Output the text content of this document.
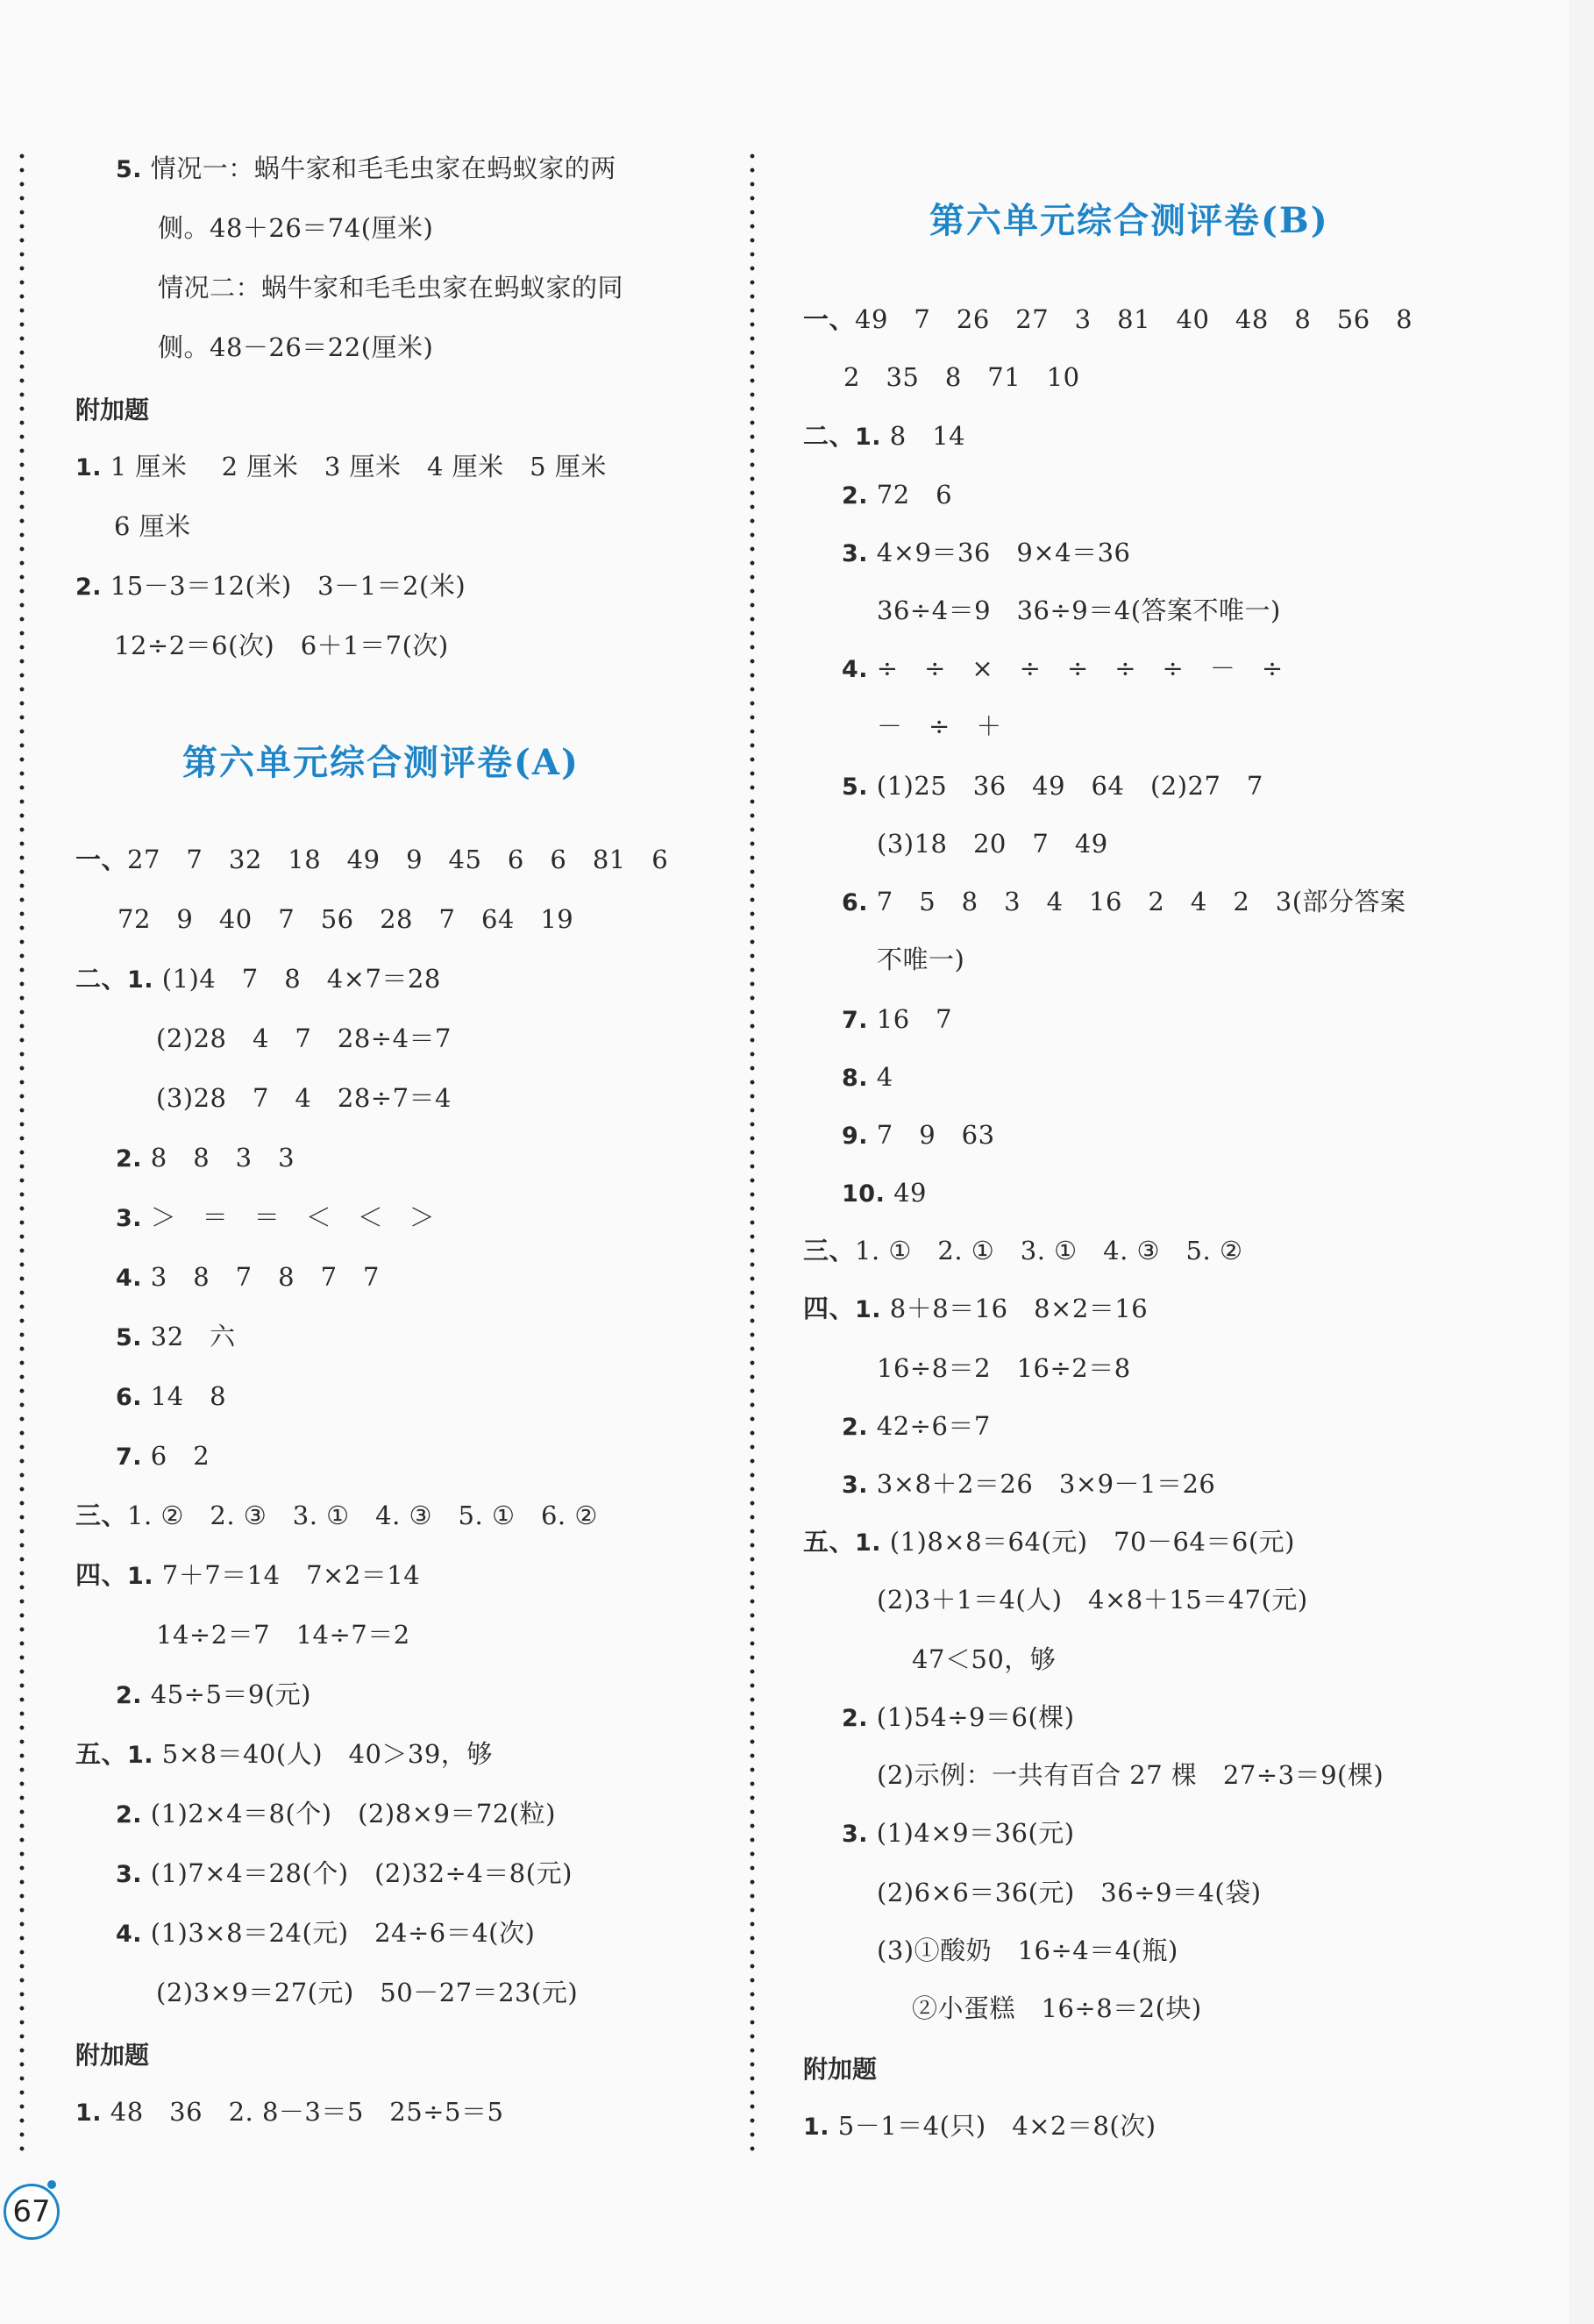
5. 情况一：蜗牛家和毛毛虫家在蚂蚁家的两
侧。48＋26＝74(厘米)
情况二：蜗牛家和毛毛虫家在蚂蚁家的同
侧。48－26＝22(厘米)
附加题
1. 1 厘米　 2 厘米　3 厘米　4 厘米　5 厘米
6 厘米
2. 15－3＝12(米)　3－1＝2(米)
12÷2＝6(次)　6＋1＝7(次)
第六单元综合测评卷(A)
一、27　7　32　18　49　9　45　6　6　81　6
72　9　40　7　56　28　7　64　19
二、1. (1)4　7　8　4×7＝28
(2)28　4　7　28÷4＝7
(3)28　7　4　28÷7＝4
2. 8　8　3　3
3. ＞　＝　＝　＜　＜　＞
4. 3　8　7　8　7　7
5. 32　六
6. 14　8
7. 6　2
三、1. ②　2. ③　3. ①　4. ③　5. ①　6. ②
四、1. 7＋7＝14　7×2＝14
14÷2＝7　14÷7＝2
2. 45÷5＝9(元)
五、1. 5×8＝40(人)　40＞39，够
2. (1)2×4＝8(个)　(2)8×9＝72(粒)
3. (1)7×4＝28(个)　(2)32÷4＝8(元)
4. (1)3×8＝24(元)　24÷6＝4(次)
(2)3×9＝27(元)　50－27＝23(元)
附加题
1. 48　36　2. 8－3＝5　25÷5＝5
第六单元综合测评卷(B)
一、49　7　26　27　3　81　40　48　8　56　8
2　35　8　71　10
二、1. 8　14
2. 72　6
3. 4×9＝36　9×4＝36
36÷4＝9　36÷9＝4(答案不唯一)
4. ÷　÷　×　÷　÷　÷　÷　－　÷
－　÷　＋
5. (1)25　36　49　64　(2)27　7
(3)18　20　7　49
6. 7　5　8　3　4　16　2　4　2　3(部分答案
不唯一)
7. 16　7
8. 4
9. 7　9　63
10. 49
三、1. ①　2. ①　3. ①　4. ③　5. ②
四、1. 8＋8＝16　8×2＝16
16÷8＝2　16÷2＝8
2. 42÷6＝7
3. 3×8＋2＝26　3×9－1＝26
五、1. (1)8×8＝64(元)　70－64＝6(元)
(2)3＋1＝4(人)　4×8＋15＝47(元)
47＜50，够
2. (1)54÷9＝6(棵)
(2)示例：一共有百合 27 棵　27÷3＝9(棵)
3. (1)4×9＝36(元)
(2)6×6＝36(元)　36÷9＝4(袋)
(3)①酸奶　16÷4＝4(瓶)
②小蛋糕　16÷8＝2(块)
附加题
1. 5－1＝4(只)　4×2＝8(次)
67
